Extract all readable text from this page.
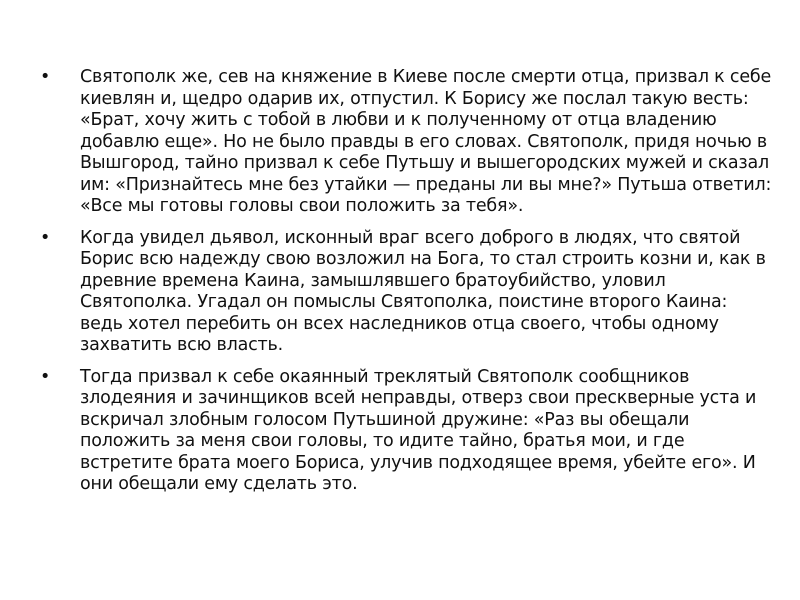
•	Святополк же, сев на княжение в Киеве после смерти отца, призвал к себе киевлян и, щедро одарив их, отпустил. К Борису же послал такую весть: «Брат, хочу жить с тобой в любви и к полученному от отца владению добавлю еще». Но не было правды в его словах. Святополк, придя ночью в Вышгород, тайно призвал к себе Путьшу и вышегородских мужей и сказал им: «Признайтесь мне без утайки — преданы ли вы мне?» Путьша ответил: «Все мы готовы головы свои положить за тебя».
•	Когда увидел дьявол, исконный враг всего доброго в людях, что святой Борис всю надежду свою возложил на Бога, то стал строить козни и, как в древние времена Каина, замышлявшего братоубийство, уловил Святополка. Угадал он помыслы Святополка, поистине второго Каина: ведь хотел перебить он всех наследников отца своего, чтобы одному захватить всю власть.
•	Тогда призвал к себе окаянный треклятый Святополк сообщников злодеяния и зачинщиков всей неправды, отверз свои прескверные уста и вскричал злобным голосом Путьшиной дружине: «Раз вы обещали положить за меня свои головы, то идите тайно, братья мои, и где встретите брата моего Бориса, улучив подходящее время, убейте его». И они обещали ему сделать это.
